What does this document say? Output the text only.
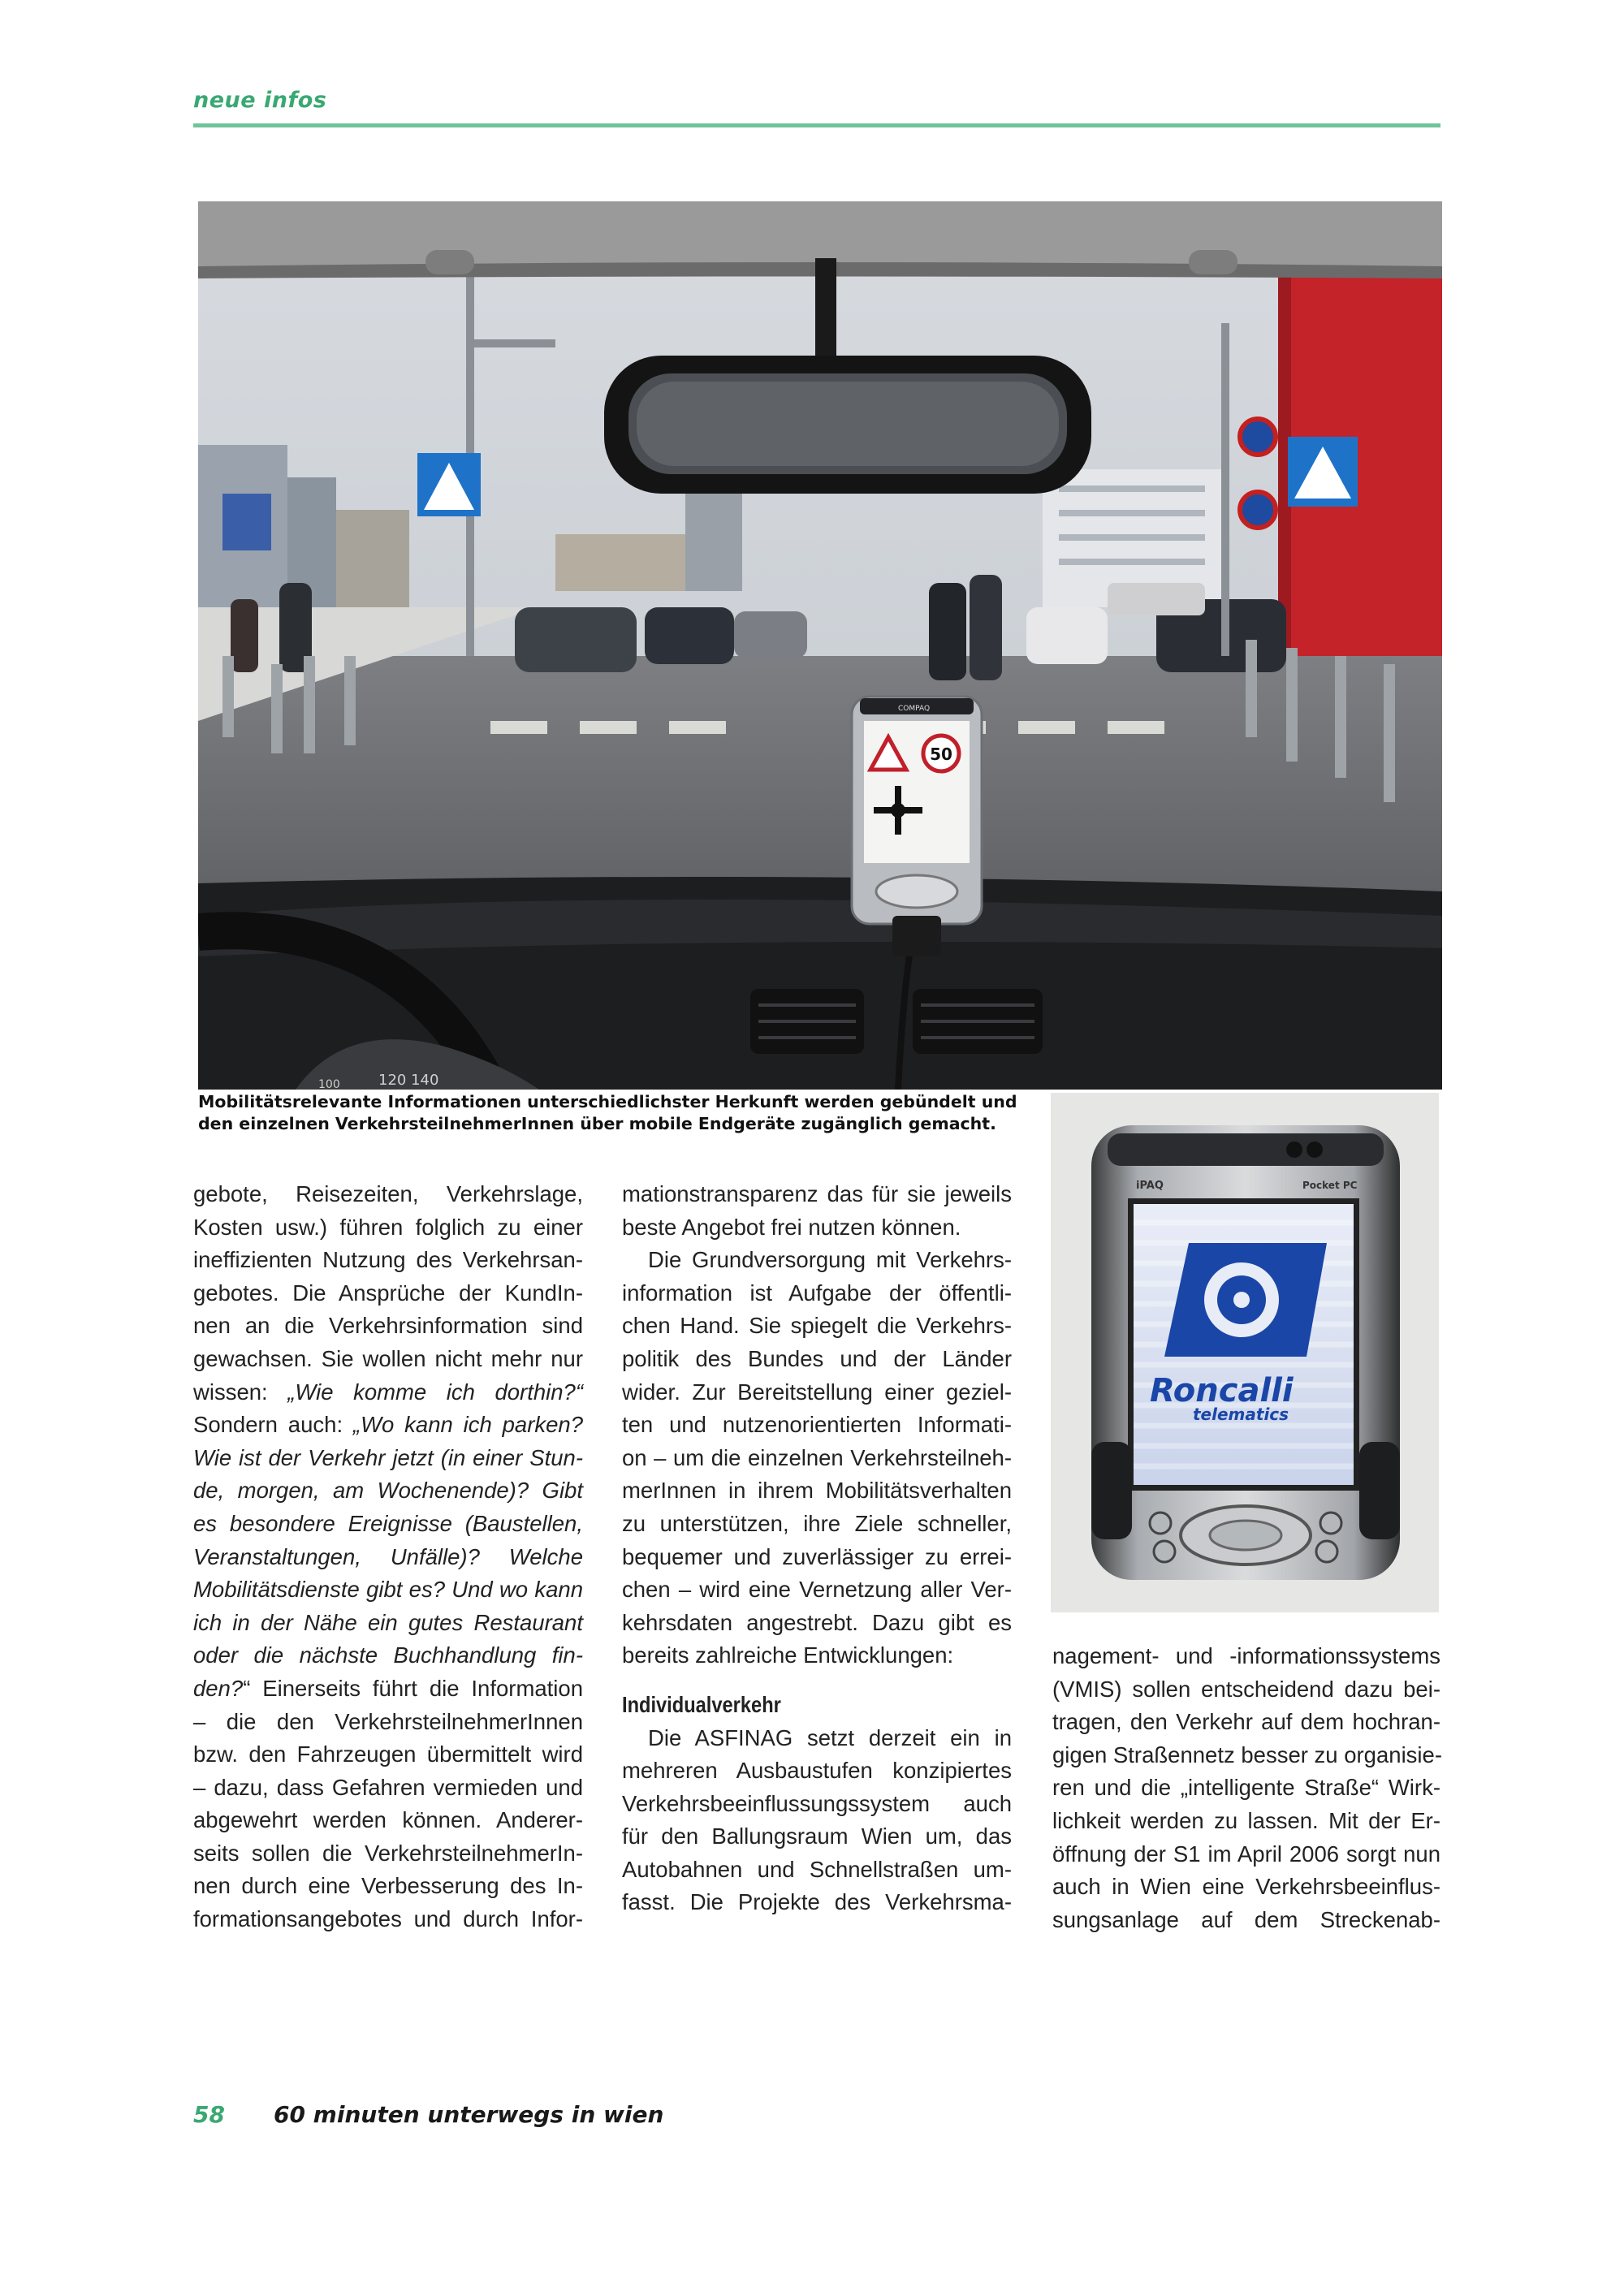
neue infos
120 140
100
COMPAQ
50
Mobilitätsrelevante Informationen unterschiedlichster Herkunft werden gebündelt und
den einzelnen VerkehrsteilnehmerInnen über mobile Endgeräte zugänglich gemacht.
iPAQ	Pocket PC
Roncalli
telematics
gebote, Reisezeiten, Verkehrslage,
Kosten usw.) führen folglich zu einer
ineffizienten Nutzung des Verkehrsan-
gebotes. Die Ansprüche der KundIn-
nen an die Verkehrsinformation sind
gewachsen. Sie wollen nicht mehr nur
wissen: „Wie komme ich dorthin?“
Sondern auch: „Wo kann ich parken?
Wie ist der Verkehr jetzt (in einer Stun-
de, morgen, am Wochenende)? Gibt
es besondere Ereignisse (Baustellen,
Veranstaltungen, Unfälle)? Welche
Mobilitätsdienste gibt es? Und wo kann
ich in der Nähe ein gutes Restaurant
oder die nächste Buchhandlung fin-
den?“ Einerseits führt die Information
– die den VerkehrsteilnehmerInnen
bzw. den Fahrzeugen übermittelt wird
– dazu, dass Gefahren vermieden und
abgewehrt werden können. Anderer-
seits sollen die VerkehrsteilnehmerIn-
nen durch eine Verbesserung des In-
formationsangebotes und durch Infor-
mationstransparenz das für sie jeweils
beste Angebot frei nutzen können.
Die Grundversorgung mit Verkehrs-
information ist Aufgabe der öffentli-
chen Hand. Sie spiegelt die Verkehrs-
politik des Bundes und der Länder
wider. Zur Bereitstellung einer geziel-
ten und nutzenorientierten Informati-
on – um die einzelnen Verkehrsteilneh-
merInnen in ihrem Mobilitätsverhalten
zu unterstützen, ihre Ziele schneller,
bequemer und zuverlässiger zu errei-
chen – wird eine Vernetzung aller Ver-
kehrsdaten angestrebt. Dazu gibt es
bereits zahlreiche Entwicklungen:
Individualverkehr
Die ASFINAG setzt derzeit ein in
mehreren Ausbaustufen konzipiertes
Verkehrsbeeinflussungssystem auch
für den Ballungsraum Wien um, das
Autobahnen und Schnellstraßen um-
fasst. Die Projekte des Verkehrsma-
nagement- und -informationssystems
(VMIS) sollen entscheidend dazu bei-
tragen, den Verkehr auf dem hochran-
gigen Straßennetz besser zu organisie-
ren und die „intelligente Straße“ Wirk-
lichkeit werden zu lassen. Mit der Er-
öffnung der S1 im April 2006 sorgt nun
auch in Wien eine Verkehrsbeeinflus-
sungsanlage auf dem Streckenab-
58 60 minuten unterwegs in wien
